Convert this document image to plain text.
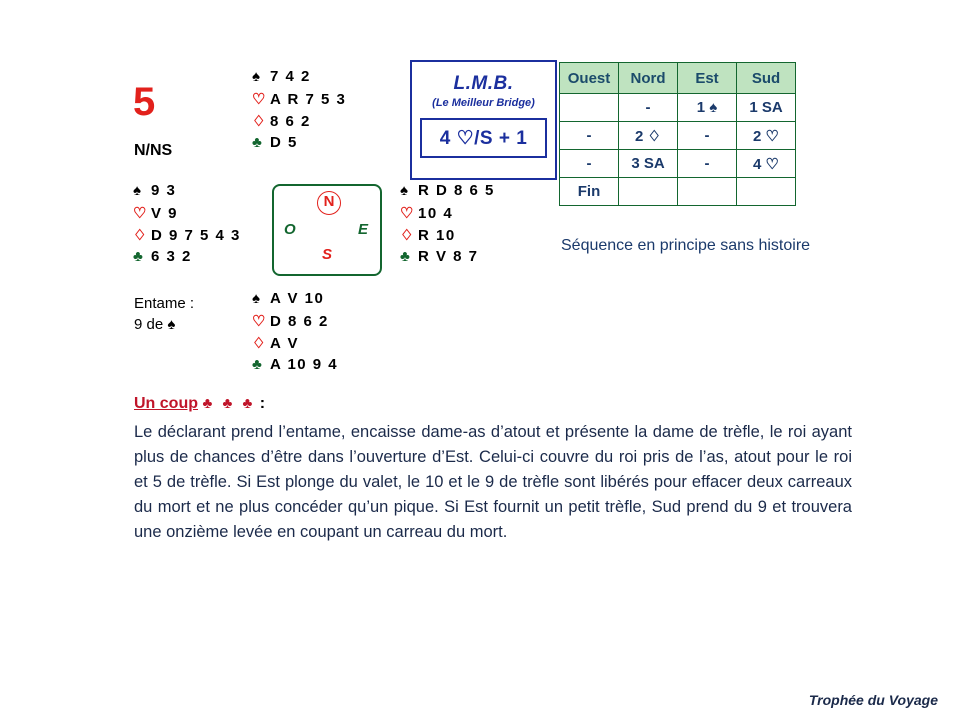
5
N/NS
♠ 7 4 2
♡ A R 7 5 3
♢ 8 6 2
♣ D 5
♠ 9 3
♡ V 9
♢ D 9 7 5 4 3
♣ 6 3 2
N
O	E
S
♠ R D 8 6 5
♡ 10 4
♢ R 10
♣ R V 8 7
♠ A V 10
♡ D 8 6 2
♢ A V
♣ A 10 9 4
Entame :
9 de ♠
L.M.B.
(Le Meilleur Bridge)
4 ♡/S + 1
Ouest	Nord	Est	Sud
	-	1 ♠	1 SA
-	2 ♢	-	2 ♡
-	3 SA	-	4 ♡
Fin			
Séquence en principe sans histoire
Un coup ♣ ♣ ♣ :
Le déclarant prend l’entame, encaisse dame-as d’atout et présente la dame de trèfle, le roi ayant plus de chances d’être dans l’ouverture d’Est. Celui-ci couvre du roi pris de l’as, atout pour le roi et 5 de trèfle. Si Est plonge du valet, le 10 et le 9 de trèfle sont libérés pour effacer deux carreaux du mort et ne plus concéder qu’un pique. Si Est fournit un petit trèfle, Sud prend du 9 et trouvera une onzième levée en coupant un carreau du mort.
Trophée du Voyage
